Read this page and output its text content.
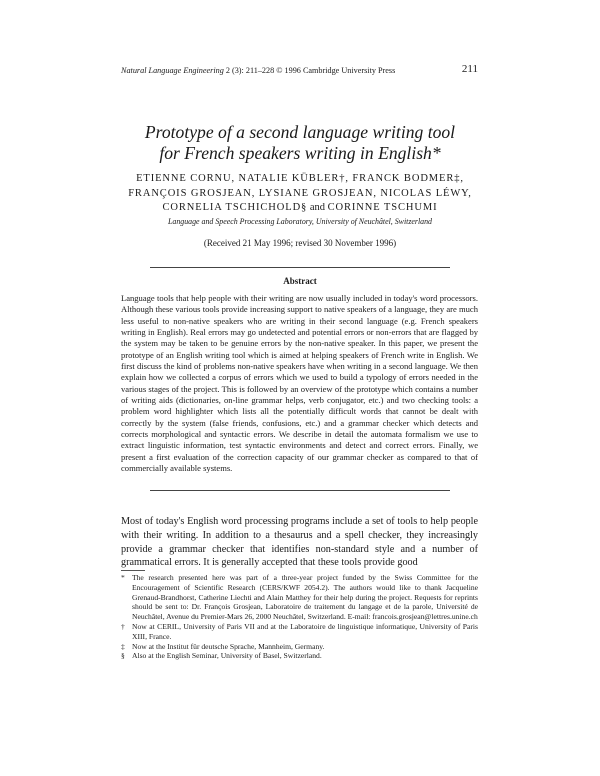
Natural Language Engineering 2 (3): 211–228 © 1996 Cambridge University Press	211
Prototype of a second language writing tool
for French speakers writing in English*
ETIENNE CORNU, NATALIE KÜBLER†, FRANCK BODMER‡,
FRANÇOIS GROSJEAN, LYSIANE GROSJEAN, NICOLAS LÉWY,
CORNELIA TSCHICHOLD§ and CORINNE TSCHUMI
Language and Speech Processing Laboratory, University of Neuchâtel, Switzerland
(Received 21 May 1996; revised 30 November 1996)
Abstract

Language tools that help people with their writing are now usually included in today's word processors. Although these various tools provide increasing support to native speakers of a language, they are much less useful to non-native speakers who are writing in their second language (e.g. French speakers writing in English). Real errors may go undetected and potential errors or non-errors that are flagged by the system may be taken to be genuine errors by the non-native speaker. In this paper, we present the prototype of an English writing tool which is aimed at helping speakers of French write in English. We first discuss the kind of problems non-native speakers have when writing in a second language. We then explain how we collected a corpus of errors which we used to build a typology of errors needed in the various stages of the project. This is followed by an overview of the prototype which contains a number of writing aids (dictionaries, on-line grammar helps, verb conjugator, etc.) and two checking tools: a problem word highlighter which lists all the potentially difficult words that cannot be dealt with correctly by the system (false friends, confusions, etc.) and a grammar checker which detects and corrects morphological and syntactic errors. We describe in detail the automata formalism we use to extract linguistic information, test syntactic environments and detect and correct errors. Finally, we present a first evaluation of the correction capacity of our grammar checker as compared to that of commercially available systems.

Most of today's English word processing programs include a set of tools to help people with their writing. In addition to a thesaurus and a spell checker, they increasingly provide a grammar checker that identifies non-standard style and a number of grammatical errors. It is generally accepted that these tools provide good

* The research presented here was part of a three-year project funded by the Swiss Committee for the Encouragement of Scientific Research (CERS/KWF 2054.2). The authors would like to thank Jacqueline Grenaud-Brandhorst, Catherine Liechti and Alain Matthey for their help during the project. Requests for reprints should be sent to: Dr. François Grosjean, Laboratoire de traitement du langage et de la parole, Université de Neuchâtel, Avenue du Premier-Mars 26, 2000 Neuchâtel, Switzerland. E-mail: francois.grosjean@lettres.unine.ch
† Now at CERIL, University of Paris VII and at the Laboratoire de linguistique informatique, University of Paris XIII, France.
‡ Now at the Institut für deutsche Sprache, Mannheim, Germany.
§ Also at the English Seminar, University of Basel, Switzerland.
